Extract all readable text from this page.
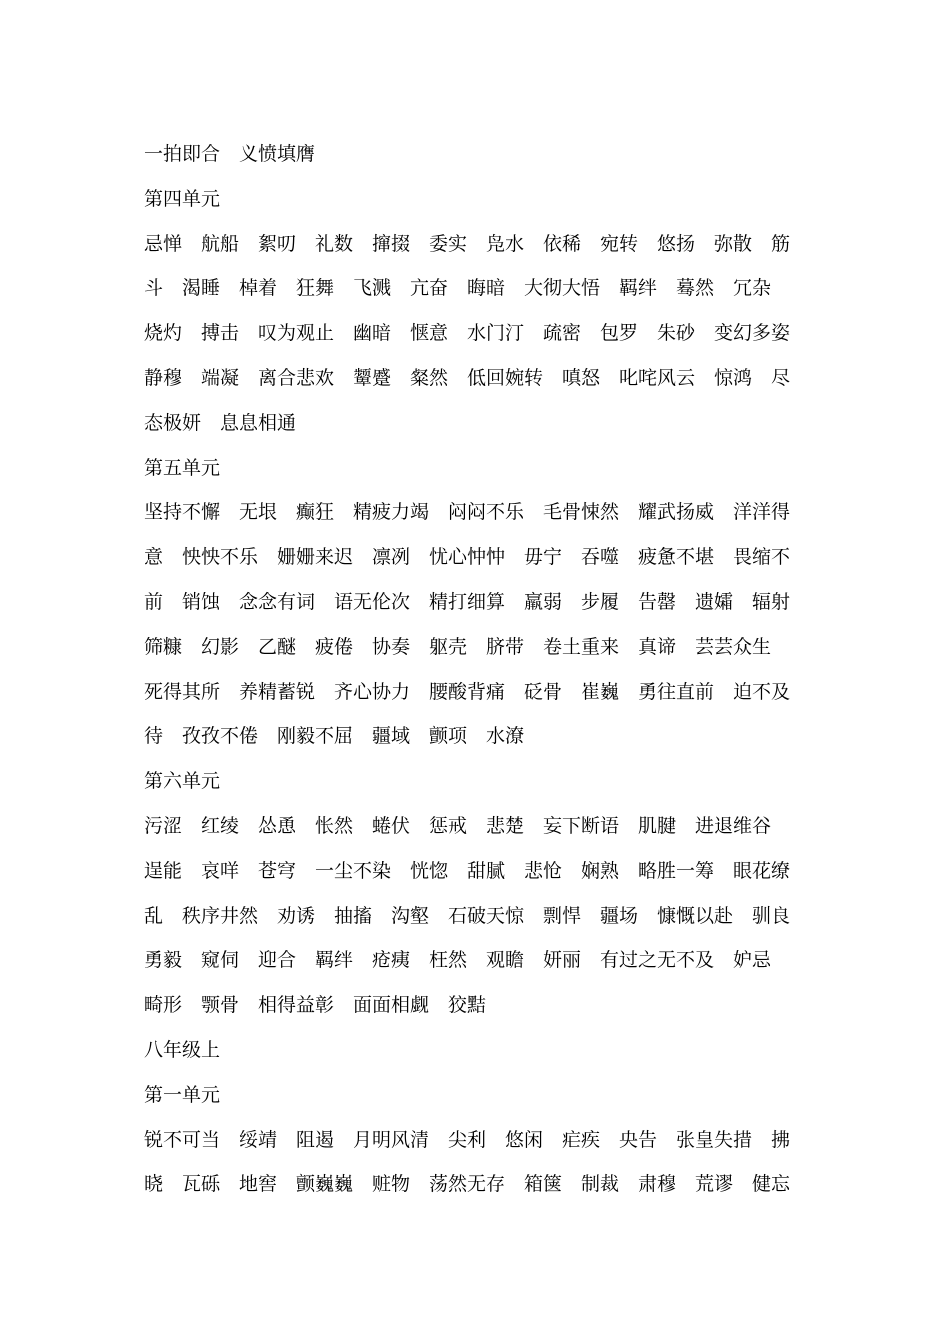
一拍即合　义愤填膺
第四单元
忌惮　航船　絮叨　礼数　撺掇　委实　凫水　依稀　宛转　悠扬　弥散　筋
斗　渴睡　棹着　狂舞　飞溅　亢奋　晦暗　大彻大悟　羁绊　蓦然　冗杂
烧灼　搏击　叹为观止　幽暗　惬意　水门汀　疏密　包罗　朱砂　变幻多姿
静穆　端凝　离合悲欢　颦蹙　粲然　低回婉转　嗔怒　叱咤风云　惊鸿　尽
态极妍　息息相通
第五单元
坚持不懈　无垠　癫狂　精疲力竭　闷闷不乐　毛骨悚然　耀武扬威　洋洋得
意　怏怏不乐　姗姗来迟　凛冽　忧心忡忡　毋宁　吞噬　疲惫不堪　畏缩不
前　销蚀　念念有词　语无伦次　精打细算　羸弱　步履　告罄　遗孀　辐射
筛糠　幻影　乙醚　疲倦　协奏　躯壳　脐带　卷土重来　真谛　芸芸众生
死得其所　养精蓄锐　齐心协力　腰酸背痛　砭骨　崔巍　勇往直前　迫不及
待　孜孜不倦　刚毅不屈　疆域　颤项　水潦
第六单元
污涩　红绫　怂恿　怅然　蜷伏　惩戒　悲楚　妄下断语　肌腱　进退维谷
逞能　哀咩　苍穹　一尘不染　恍惚　甜腻　悲怆　娴熟　略胜一筹　眼花缭
乱　秩序井然　劝诱　抽搐　沟壑　石破天惊　剽悍　疆场　慷慨以赴　驯良
勇毅　窥伺　迎合　羁绊　疮痍　枉然　观瞻　妍丽　有过之无不及　妒忌
畸形　颚骨　相得益彰　面面相觑　狡黠
八年级上
第一单元
锐不可当　绥靖　阻遏　月明风清　尖利　悠闲　疟疾　央告　张皇失措　拂
晓　瓦砾　地窖　颤巍巍　赃物　荡然无存　箱箧　制裁　肃穆　荒谬　健忘
